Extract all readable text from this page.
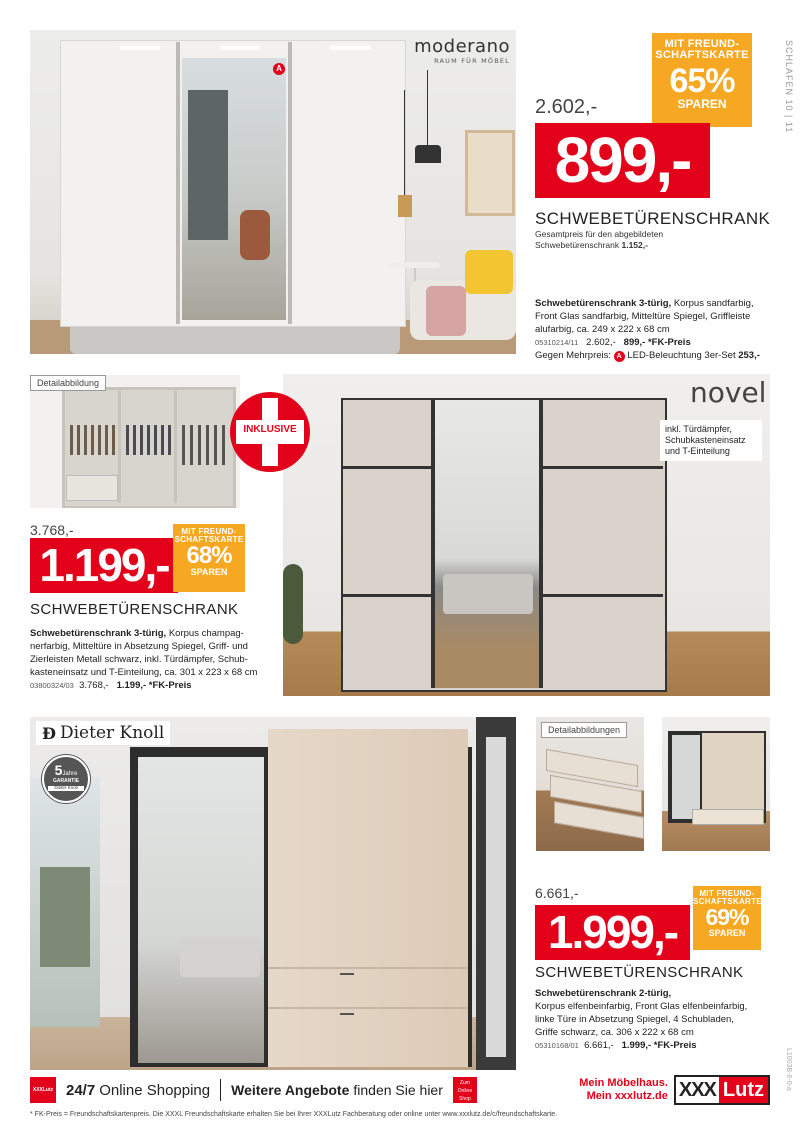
SCHLAFEN 10 | 11
L1003B-6-0-a
A
moderano
RAUM FÜR MÖBEL
MIT FREUND-
SCHAFTSKARTE
65%
SPAREN
2.602,-
899,-
SCHWEBETÜRENSCHRANK
Gesamtpreis für den abgebildeten
Schwebetürenschrank 1.152,-
Schwebetürenschrank 3-türig, Korpus sandfarbig,
Front Glas sandfarbig, Mitteltüre Spiegel, Griffleiste
alufarbig, ca. 249 x 222 x 68 cm
05310214/11 2.602,- 899,- *FK-Preis
Gegen Mehrpreis: A LED-Beleuchtung 3er-Set 253,-
Detailabbildung	novel
inkl. Türdämpfer,
Schubkasteneinsatz
und T-Einteilung
INKLUSIVE
3.768,-
1.199,-
MIT FREUND-
SCHAFTSKARTE
68%
SPAREN
SCHWEBETÜRENSCHRANK
Schwebetürenschrank 3-türig, Korpus champag-
nerfarbig, Mitteltüre in Absetzung Spiegel, Griff- und
Zierleisten Metall schwarz, inkl. Türdämpfer, Schub-
kasteneinsatz und T-Einteilung, ca. 301 x 223 x 68 cm
03800324/03 3.768,- 1.199,- *FK-Preis
Ð Dieter Knoll
5Jahre
GARANTIE
Dieter Knoll
Detailabbildungen
6.661,-
1.999,-
MIT FREUND-
SCHAFTSKARTE
69%
SPAREN
SCHWEBETÜRENSCHRANK
Schwebetürenschrank 2-türig,
Korpus elfenbeinfarbig, Front Glas elfenbeinfarbig,
linke Türe in Absetzung Spiegel, 4 Schubladen,
Griffe schwarz, ca. 306 x 222 x 68 cm
05310168/01 6.661,- 1.999,- *FK-Preis
XXXLutz 24/7 Online Shopping Weitere Angebote finden Sie hier	Zum Online Shop
Mein Möbelhaus.
Mein xxxlutz.de XXX Lutz
* FK-Preis = Freundschaftskartenpreis. Die XXXL Freundschaftskarte erhalten Sie bei Ihrer XXXLutz Fachberatung oder online unter www.xxxlutz.de/c/freundschaftskarte.
